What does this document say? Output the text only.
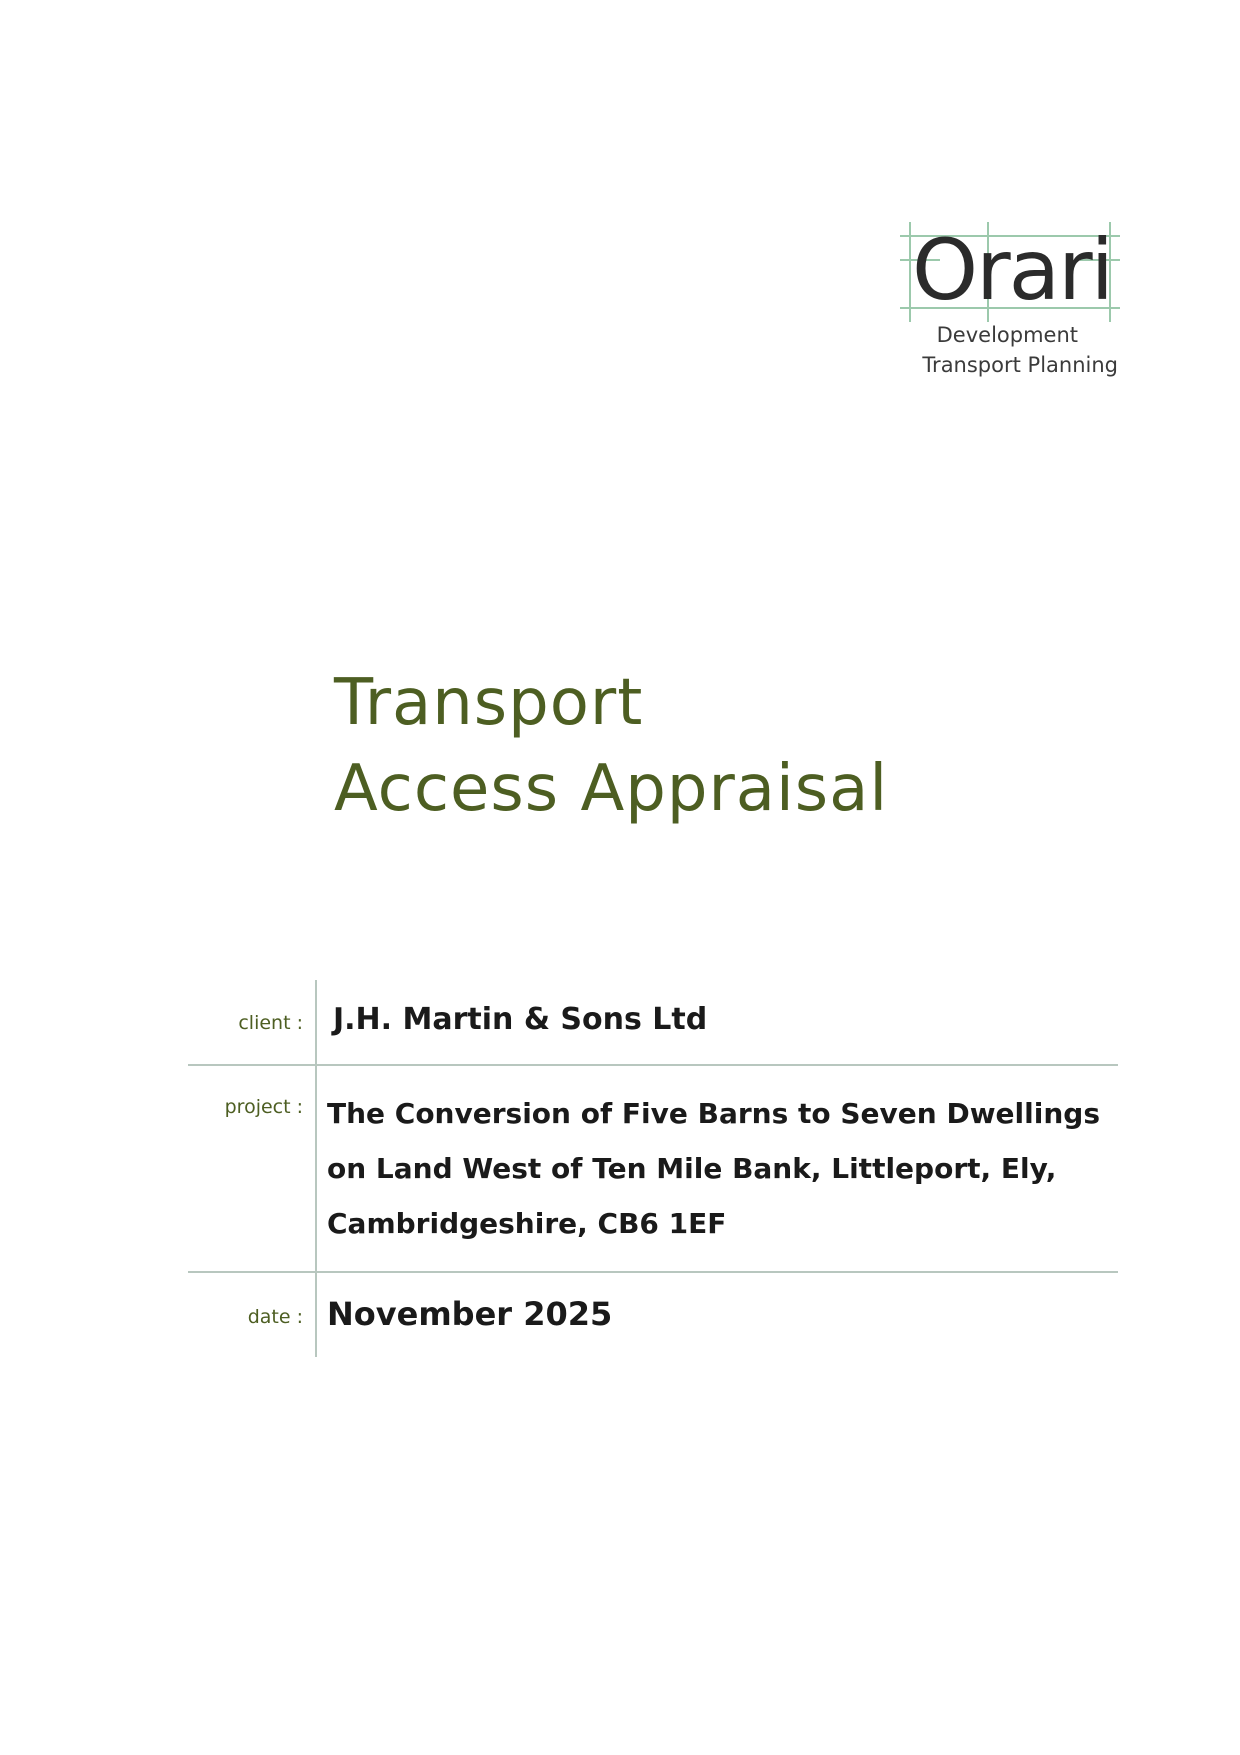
Orari
Development
Transport Planning
Transport
Access Appraisal
client :	J.H. Martin & Sons Ltd
project : The Conversion of Five Barns to Seven Dwellings
on Land West of Ten Mile Bank, Littleport, Ely,
Cambridgeshire, CB6 1EF
date : November 2025
